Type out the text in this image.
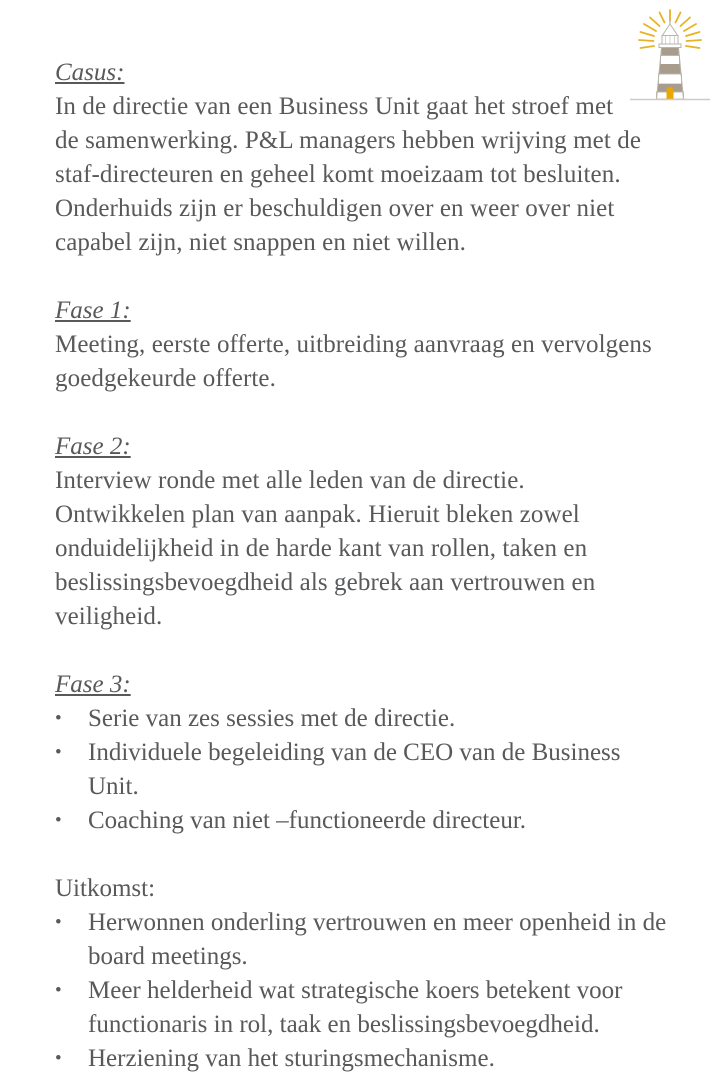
Casus:
In de directie van een Business Unit gaat het stroef met
de samenwerking. P&L managers hebben wrijving met de
staf-directeuren en geheel komt moeizaam tot besluiten.
Onderhuids zijn er beschuldigen over en weer over niet
capabel zijn, niet snappen en niet willen.
Fase 1:
Meeting, eerste offerte, uitbreiding aanvraag en vervolgens
goedgekeurde offerte.
Fase 2:
Interview ronde met alle leden van de directie.
Ontwikkelen plan van aanpak. Hieruit bleken zowel
onduidelijkheid in de harde kant van rollen, taken en
beslissingsbevoegdheid als gebrek aan vertrouwen en
veiligheid.
Fase 3:
• Serie van zes sessies met de directie.
• Individuele begeleiding van de CEO van de Business Unit.
• Coaching van niet –functioneerde directeur.
Uitkomst:
• Herwonnen onderling vertrouwen en meer openheid in de board meetings.
• Meer helderheid wat strategische koers betekent voor functionaris in rol, taak en beslissingsbevoegdheid.
• Herziening van het sturingsmechanisme.
